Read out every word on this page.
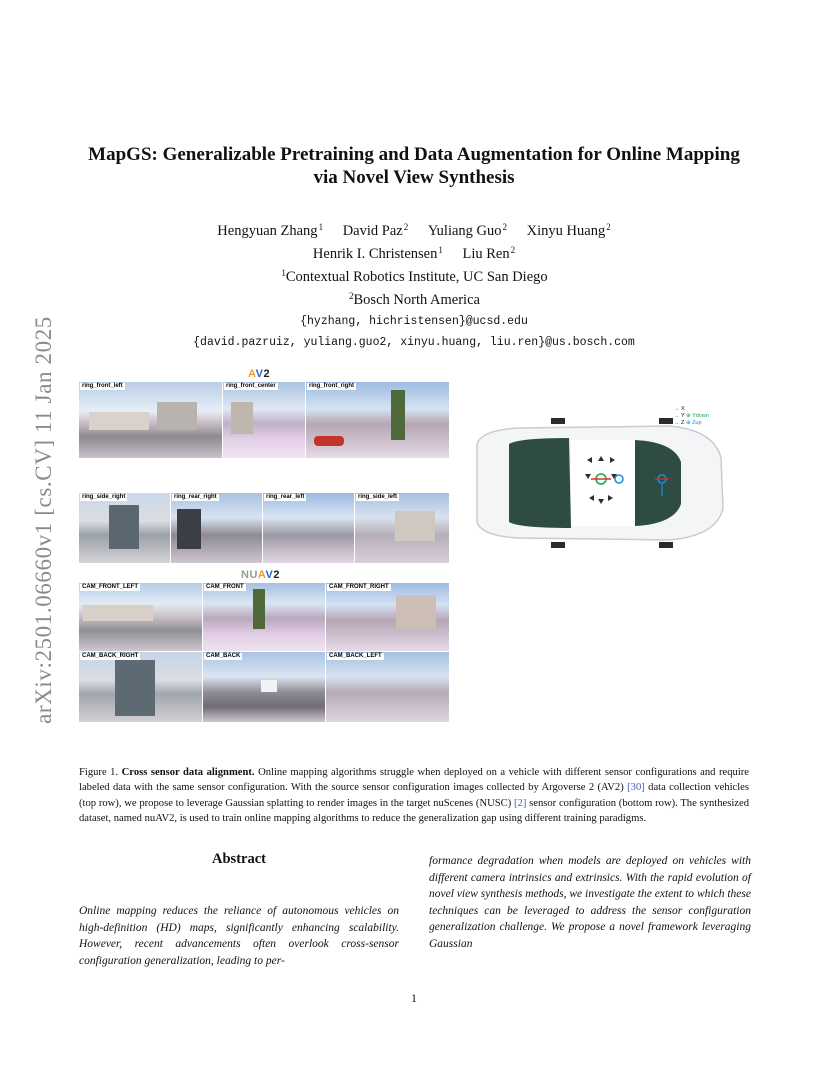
arXiv:2501.06660v1 [cs.CV] 11 Jan 2025
MapGS: Generalizable Pretraining and Data Augmentation for Online Mapping
via Novel View Synthesis
Hengyuan Zhang$^1$ David Paz$^2$ Yuliang Guo$^2$ Xinyu Huang$^2$
Henrik I. Christensen$^1$ Liu Ren$^2$
$^1$Contextual Robotics Institute, UC San Diego
$^2$Bosch North America
{hyzhang, hichristensen}@ucsd.edu
{david.pazruiz, yuliang.guo2, xinyu.huang, liu.ren}@us.bosch.com
AV2
ring_front_left	ring_front_center	ring_front_right
ring_side_right	ring_rear_right	ring_rear_left	ring_side_left
NUAV2
CAM_FRONT_LEFT	CAM_FRONT	CAM_FRONT_RIGHT
CAM_BACK_RIGHT	CAM_BACK	CAM_BACK_LEFT
→ X
→ Y ⊕ Ydown
→ Z ⊕ Zup
Figure 1. Cross sensor data alignment. Online mapping algorithms struggle when deployed on a vehicle with different sensor configurations and require labeled data with the same sensor configuration. With the source sensor configuration images collected by Argoverse 2 (AV2) [30] data collection vehicles (top row), we propose to leverage Gaussian splatting to render images in the target nuScenes (NUSC) [2] sensor configuration (bottom row). The synthesized dataset, named nuAV2, is used to train online mapping algorithms to reduce the generalization gap using different training paradigms.
Abstract
Online mapping reduces the reliance of autonomous vehicles on high-definition (HD) maps, significantly enhancing scalability. However, recent advancements often overlook cross-sensor configuration generalization, leading to per-
formance degradation when models are deployed on vehicles with different camera intrinsics and extrinsics. With the rapid evolution of novel view synthesis methods, we investigate the extent to which these techniques can be leveraged to address the sensor configuration generalization challenge. We propose a novel framework leveraging Gaussian
1
